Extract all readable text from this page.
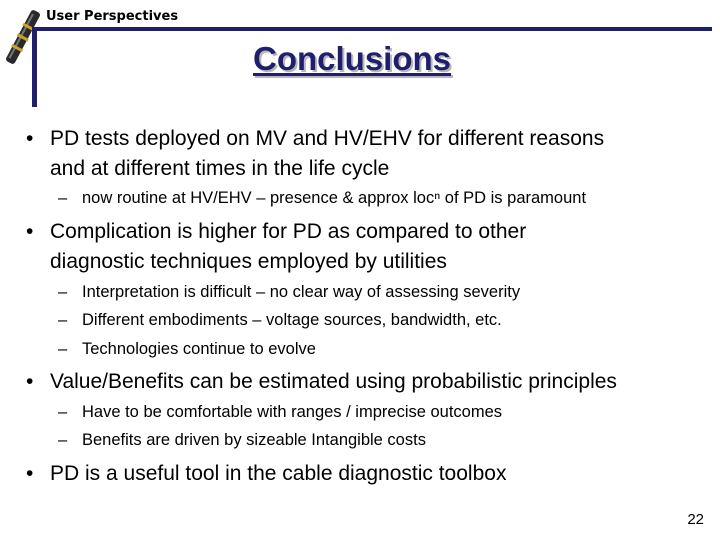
User Perspectives
Conclusions
• PD tests deployed on MV and HV/EHV for different reasons
and at different times in the life cycle
– now routine at HV/EHV – presence & approx locⁿ of PD is paramount
• Complication is higher for PD as compared to other
diagnostic techniques employed by utilities
– Interpretation is difficult – no clear way of assessing severity
– Different embodiments – voltage sources, bandwidth, etc.
– Technologies continue to evolve
• Value/Benefits can be estimated using probabilistic principles
– Have to be comfortable with ranges / imprecise outcomes
– Benefits are driven by sizeable Intangible costs
• PD is a useful tool in the cable diagnostic toolbox
22
